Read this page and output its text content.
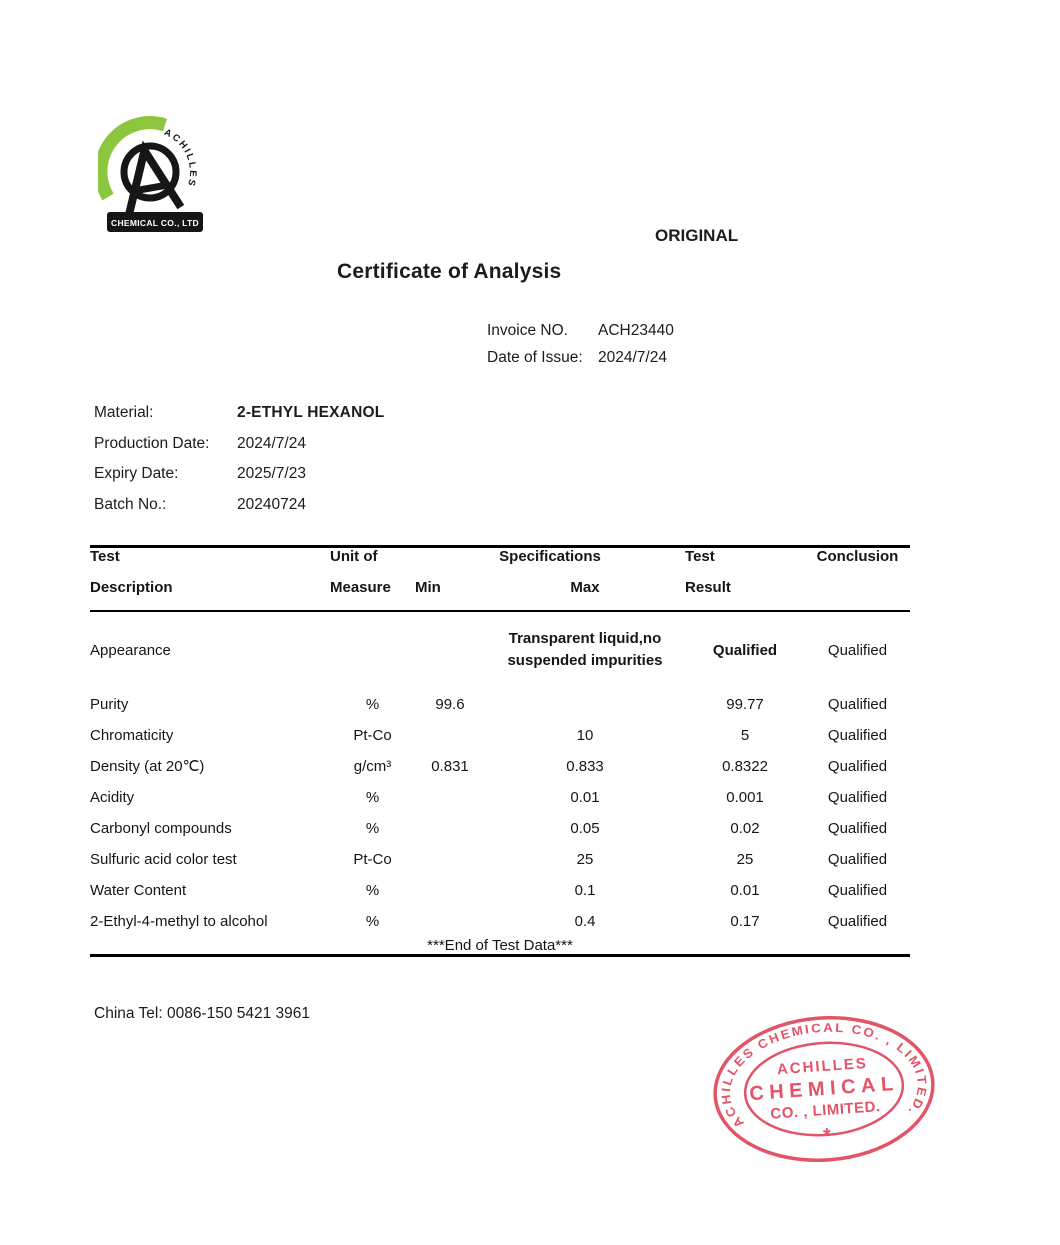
ACHILLES
CHEMICAL CO., LTD
ORIGINAL
Certificate of Analysis
Invoice NO.	ACH23440
Date of Issue: 2024/7/24
Material:	2-ETHYL HEXANOL
Production Date:	2024/7/24
Expiry Date:	2025/7/23
Batch No.:	20240724
Test	Unit of	Specifications		Test	Conclusion
Description	Measure	Min	Max	Result	
Appearance			Transparent liquid,no suspended impurities	Qualified	Qualified
Purity	%	99.6		99.77	Qualified
Chromaticity	Pt-Co		10	5	Qualified
Density (at 20℃)	g/cm³	0.831	0.833	0.8322	Qualified
Acidity	%		0.01	0.001	Qualified
Carbonyl compounds	%		0.05	0.02	Qualified
Sulfuric acid color test	Pt-Co		25	25	Qualified
Water Content	%		0.1	0.01	Qualified
2-Ethyl-4-methyl to alcohol	%		0.4	0.17	Qualified
***End of Test Data***					
China Tel: 0086-150 5421 3961
ACHILLES CHEMICAL CO. , LIMITED.
ACHILLES
CHEMICAL
CO. , LIMITED.
*
